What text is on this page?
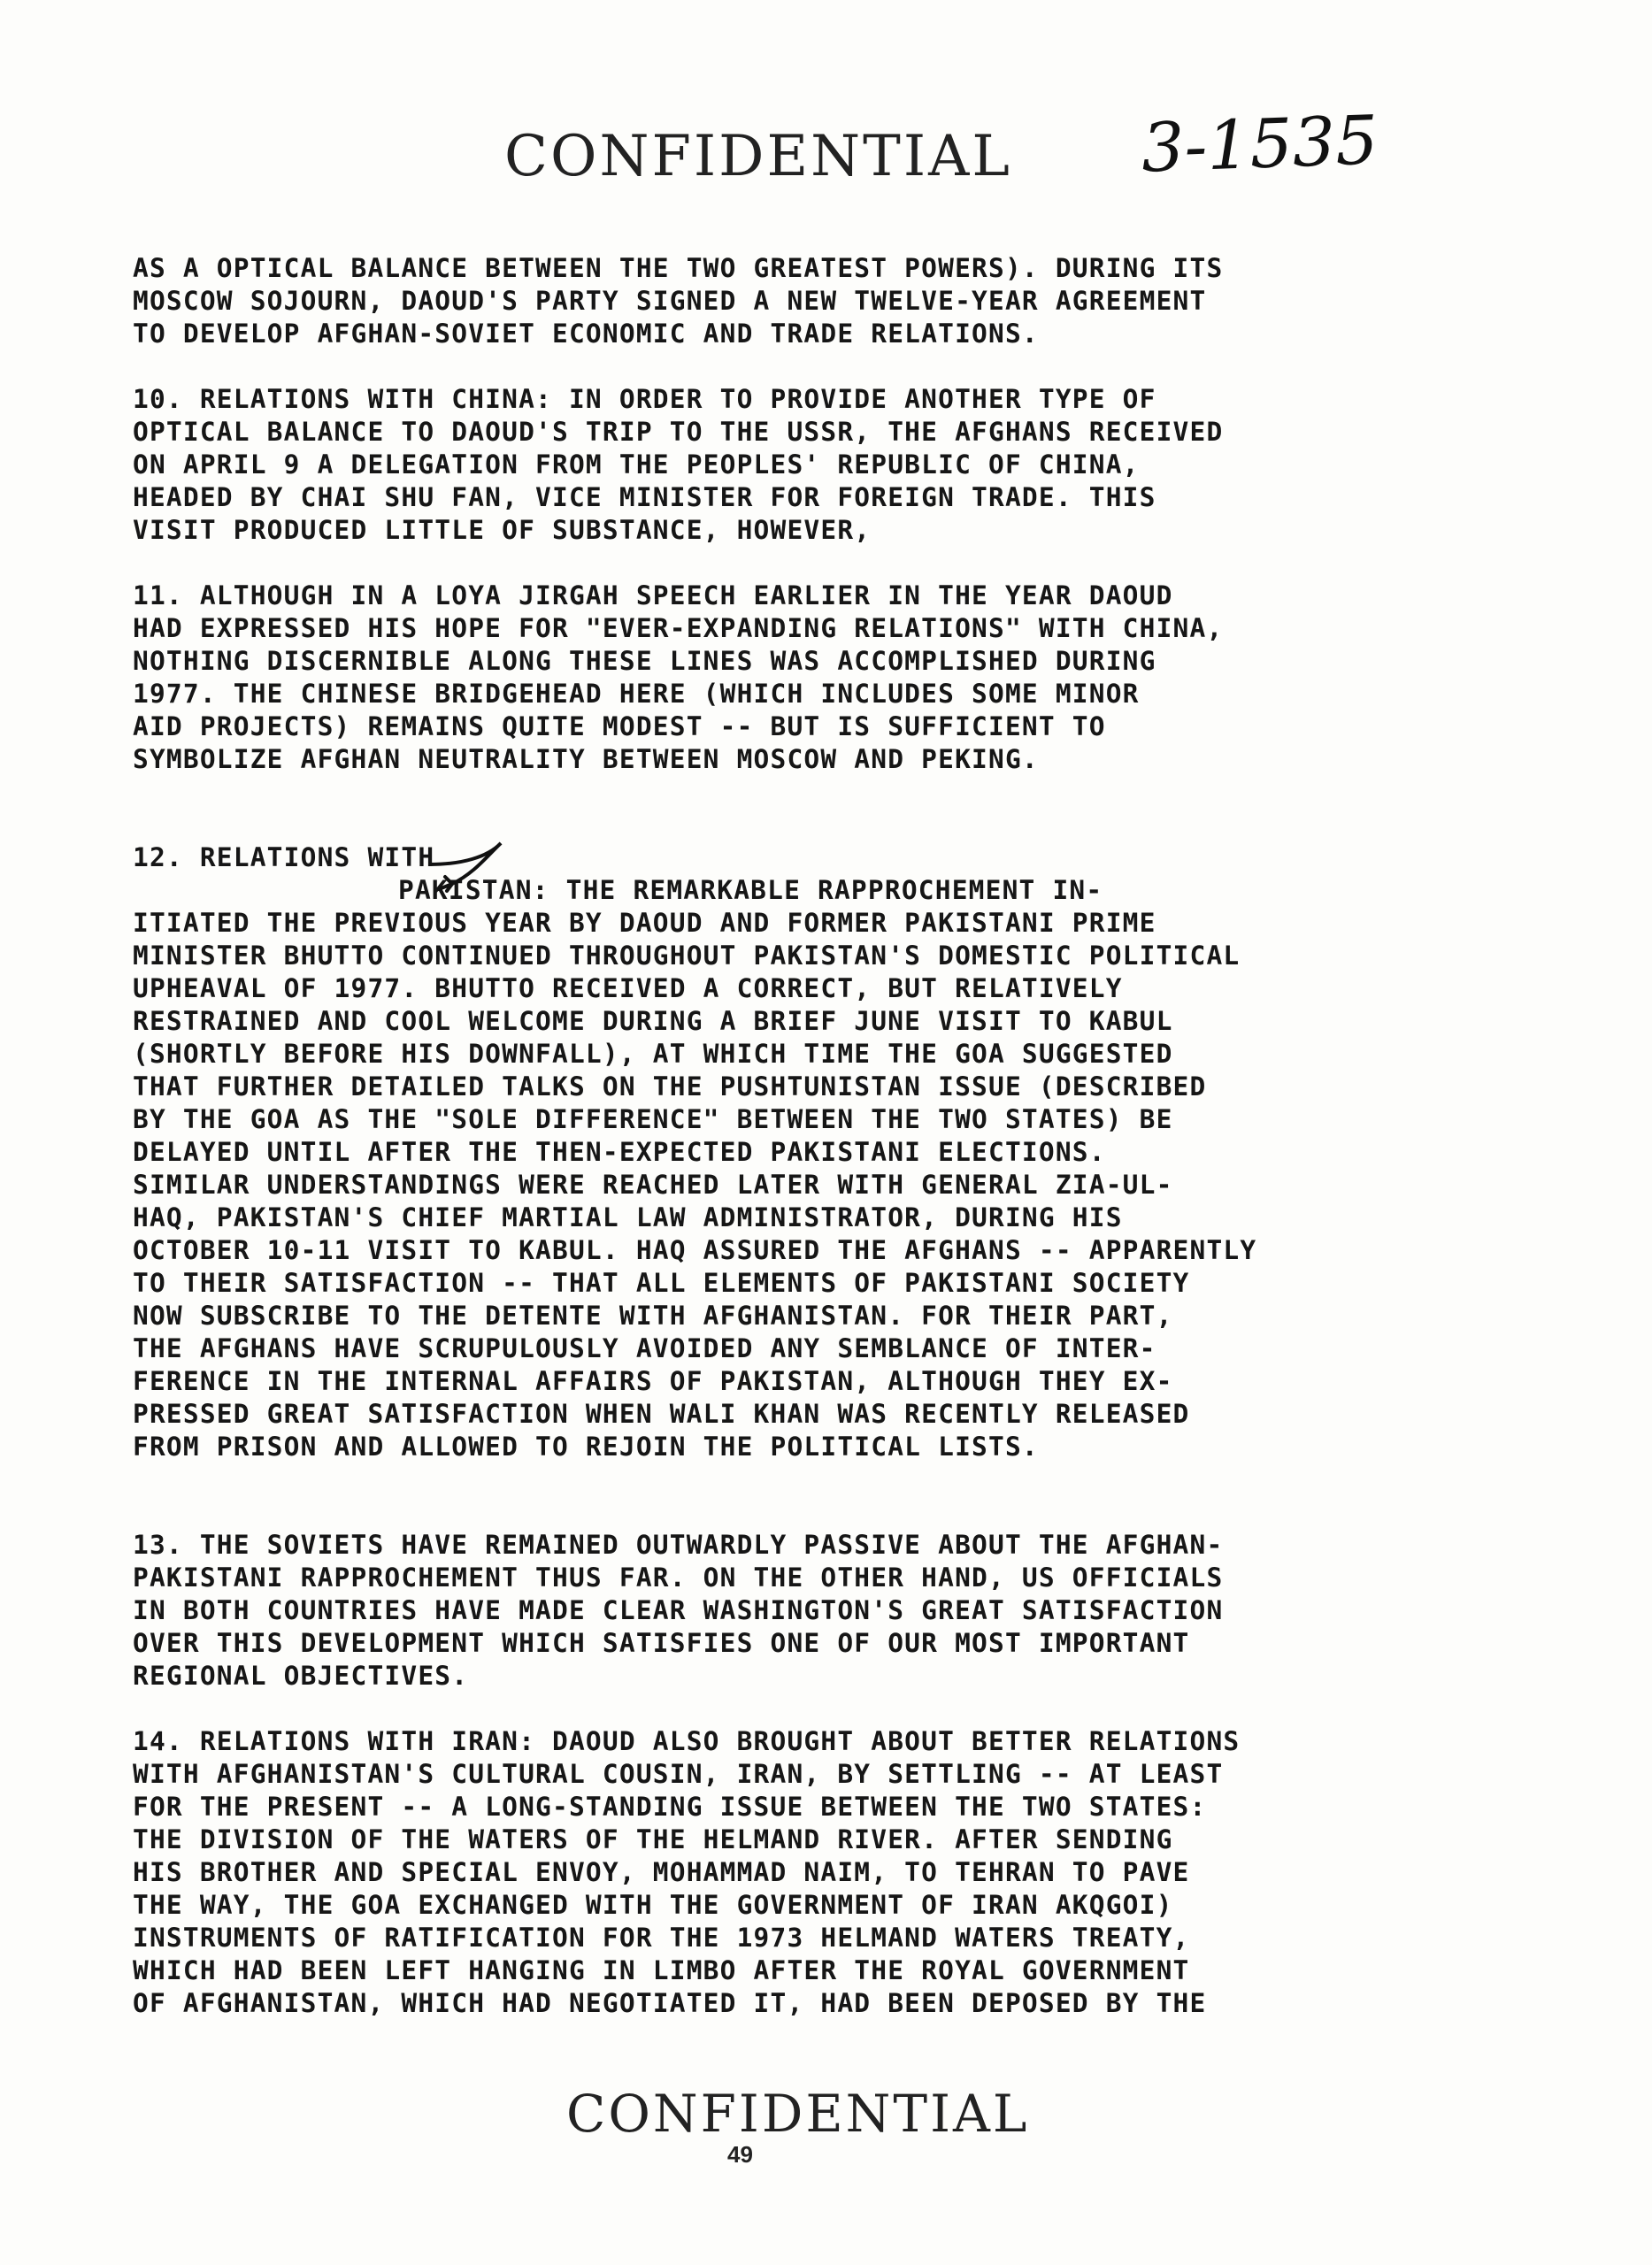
CONFIDENTIAL 3-1535

AS A OPTICAL BALANCE BETWEEN THE TWO GREATEST POWERS). DURING ITS
MOSCOW SOJOURN, DAOUD'S PARTY SIGNED A NEW TWELVE-YEAR AGREEMENT
TO DEVELOP AFGHAN-SOVIET ECONOMIC AND TRADE RELATIONS.

10. RELATIONS WITH CHINA: IN ORDER TO PROVIDE ANOTHER TYPE OF
OPTICAL BALANCE TO DAOUD'S TRIP TO THE USSR, THE AFGHANS RECEIVED
ON APRIL 9 A DELEGATION FROM THE PEOPLES' REPUBLIC OF CHINA,
HEADED BY CHAI SHU FAN, VICE MINISTER FOR FOREIGN TRADE. THIS
VISIT PRODUCED LITTLE OF SUBSTANCE, HOWEVER,

11. ALTHOUGH IN A LOYA JIRGAH SPEECH EARLIER IN THE YEAR DAOUD
HAD EXPRESSED HIS HOPE FOR "EVER-EXPANDING RELATIONS" WITH CHINA,
NOTHING DISCERNIBLE ALONG THESE LINES WAS ACCOMPLISHED DURING
1977. THE CHINESE BRIDGEHEAD HERE (WHICH INCLUDES SOME MINOR
AID PROJECTS) REMAINS QUITE MODEST -- BUT IS SUFFICIENT TO
SYMBOLIZE AFGHAN NEUTRALITY BETWEEN MOSCOW AND PEKING.

12. RELATIONS WITH

PAKISTAN: THE REMARKABLE RAPPROCHEMENT IN-
ITIATED THE PREVIOUS YEAR BY DAOUD AND FORMER PAKISTANI PRIME
MINISTER BHUTTO CONTINUED THROUGHOUT PAKISTAN'S DOMESTIC POLITICAL
UPHEAVAL OF 1977. BHUTTO RECEIVED A CORRECT, BUT RELATIVELY
RESTRAINED AND COOL WELCOME DURING A BRIEF JUNE VISIT TO KABUL
(SHORTLY BEFORE HIS DOWNFALL), AT WHICH TIME THE GOA SUGGESTED
THAT FURTHER DETAILED TALKS ON THE PUSHTUNISTAN ISSUE (DESCRIBED
BY THE GOA AS THE "SOLE DIFFERENCE" BETWEEN THE TWO STATES) BE
DELAYED UNTIL AFTER THE THEN-EXPECTED PAKISTANI ELECTIONS.
SIMILAR UNDERSTANDINGS WERE REACHED LATER WITH GENERAL ZIA-UL-
HAQ, PAKISTAN'S CHIEF MARTIAL LAW ADMINISTRATOR, DURING HIS
OCTOBER 10-11 VISIT TO KABUL. HAQ ASSURED THE AFGHANS -- APPARENTLY
TO THEIR SATISFACTION -- THAT ALL ELEMENTS OF PAKISTANI SOCIETY
NOW SUBSCRIBE TO THE DETENTE WITH AFGHANISTAN. FOR THEIR PART,
THE AFGHANS HAVE SCRUPULOUSLY AVOIDED ANY SEMBLANCE OF INTER-
FERENCE IN THE INTERNAL AFFAIRS OF PAKISTAN, ALTHOUGH THEY EX-
PRESSED GREAT SATISFACTION WHEN WALI KHAN WAS RECENTLY RELEASED
FROM PRISON AND ALLOWED TO REJOIN THE POLITICAL LISTS.

13. THE SOVIETS HAVE REMAINED OUTWARDLY PASSIVE ABOUT THE AFGHAN-
PAKISTANI RAPPROCHEMENT THUS FAR. ON THE OTHER HAND, US OFFICIALS
IN BOTH COUNTRIES HAVE MADE CLEAR WASHINGTON'S GREAT SATISFACTION
OVER THIS DEVELOPMENT WHICH SATISFIES ONE OF OUR MOST IMPORTANT
REGIONAL OBJECTIVES.

14. RELATIONS WITH IRAN: DAOUD ALSO BROUGHT ABOUT BETTER RELATIONS
WITH AFGHANISTAN'S CULTURAL COUSIN, IRAN, BY SETTLING -- AT LEAST
FOR THE PRESENT -- A LONG-STANDING ISSUE BETWEEN THE TWO STATES:
THE DIVISION OF THE WATERS OF THE HELMAND RIVER. AFTER SENDING
HIS BROTHER AND SPECIAL ENVOY, MOHAMMAD NAIM, TO TEHRAN TO PAVE
THE WAY, THE GOA EXCHANGED WITH THE GOVERNMENT OF IRAN AKQGOI)
INSTRUMENTS OF RATIFICATION FOR THE 1973 HELMAND WATERS TREATY,
WHICH HAD BEEN LEFT HANGING IN LIMBO AFTER THE ROYAL GOVERNMENT
OF AFGHANISTAN, WHICH HAD NEGOTIATED IT, HAD BEEN DEPOSED BY THE

CONFIDENTIAL
49
